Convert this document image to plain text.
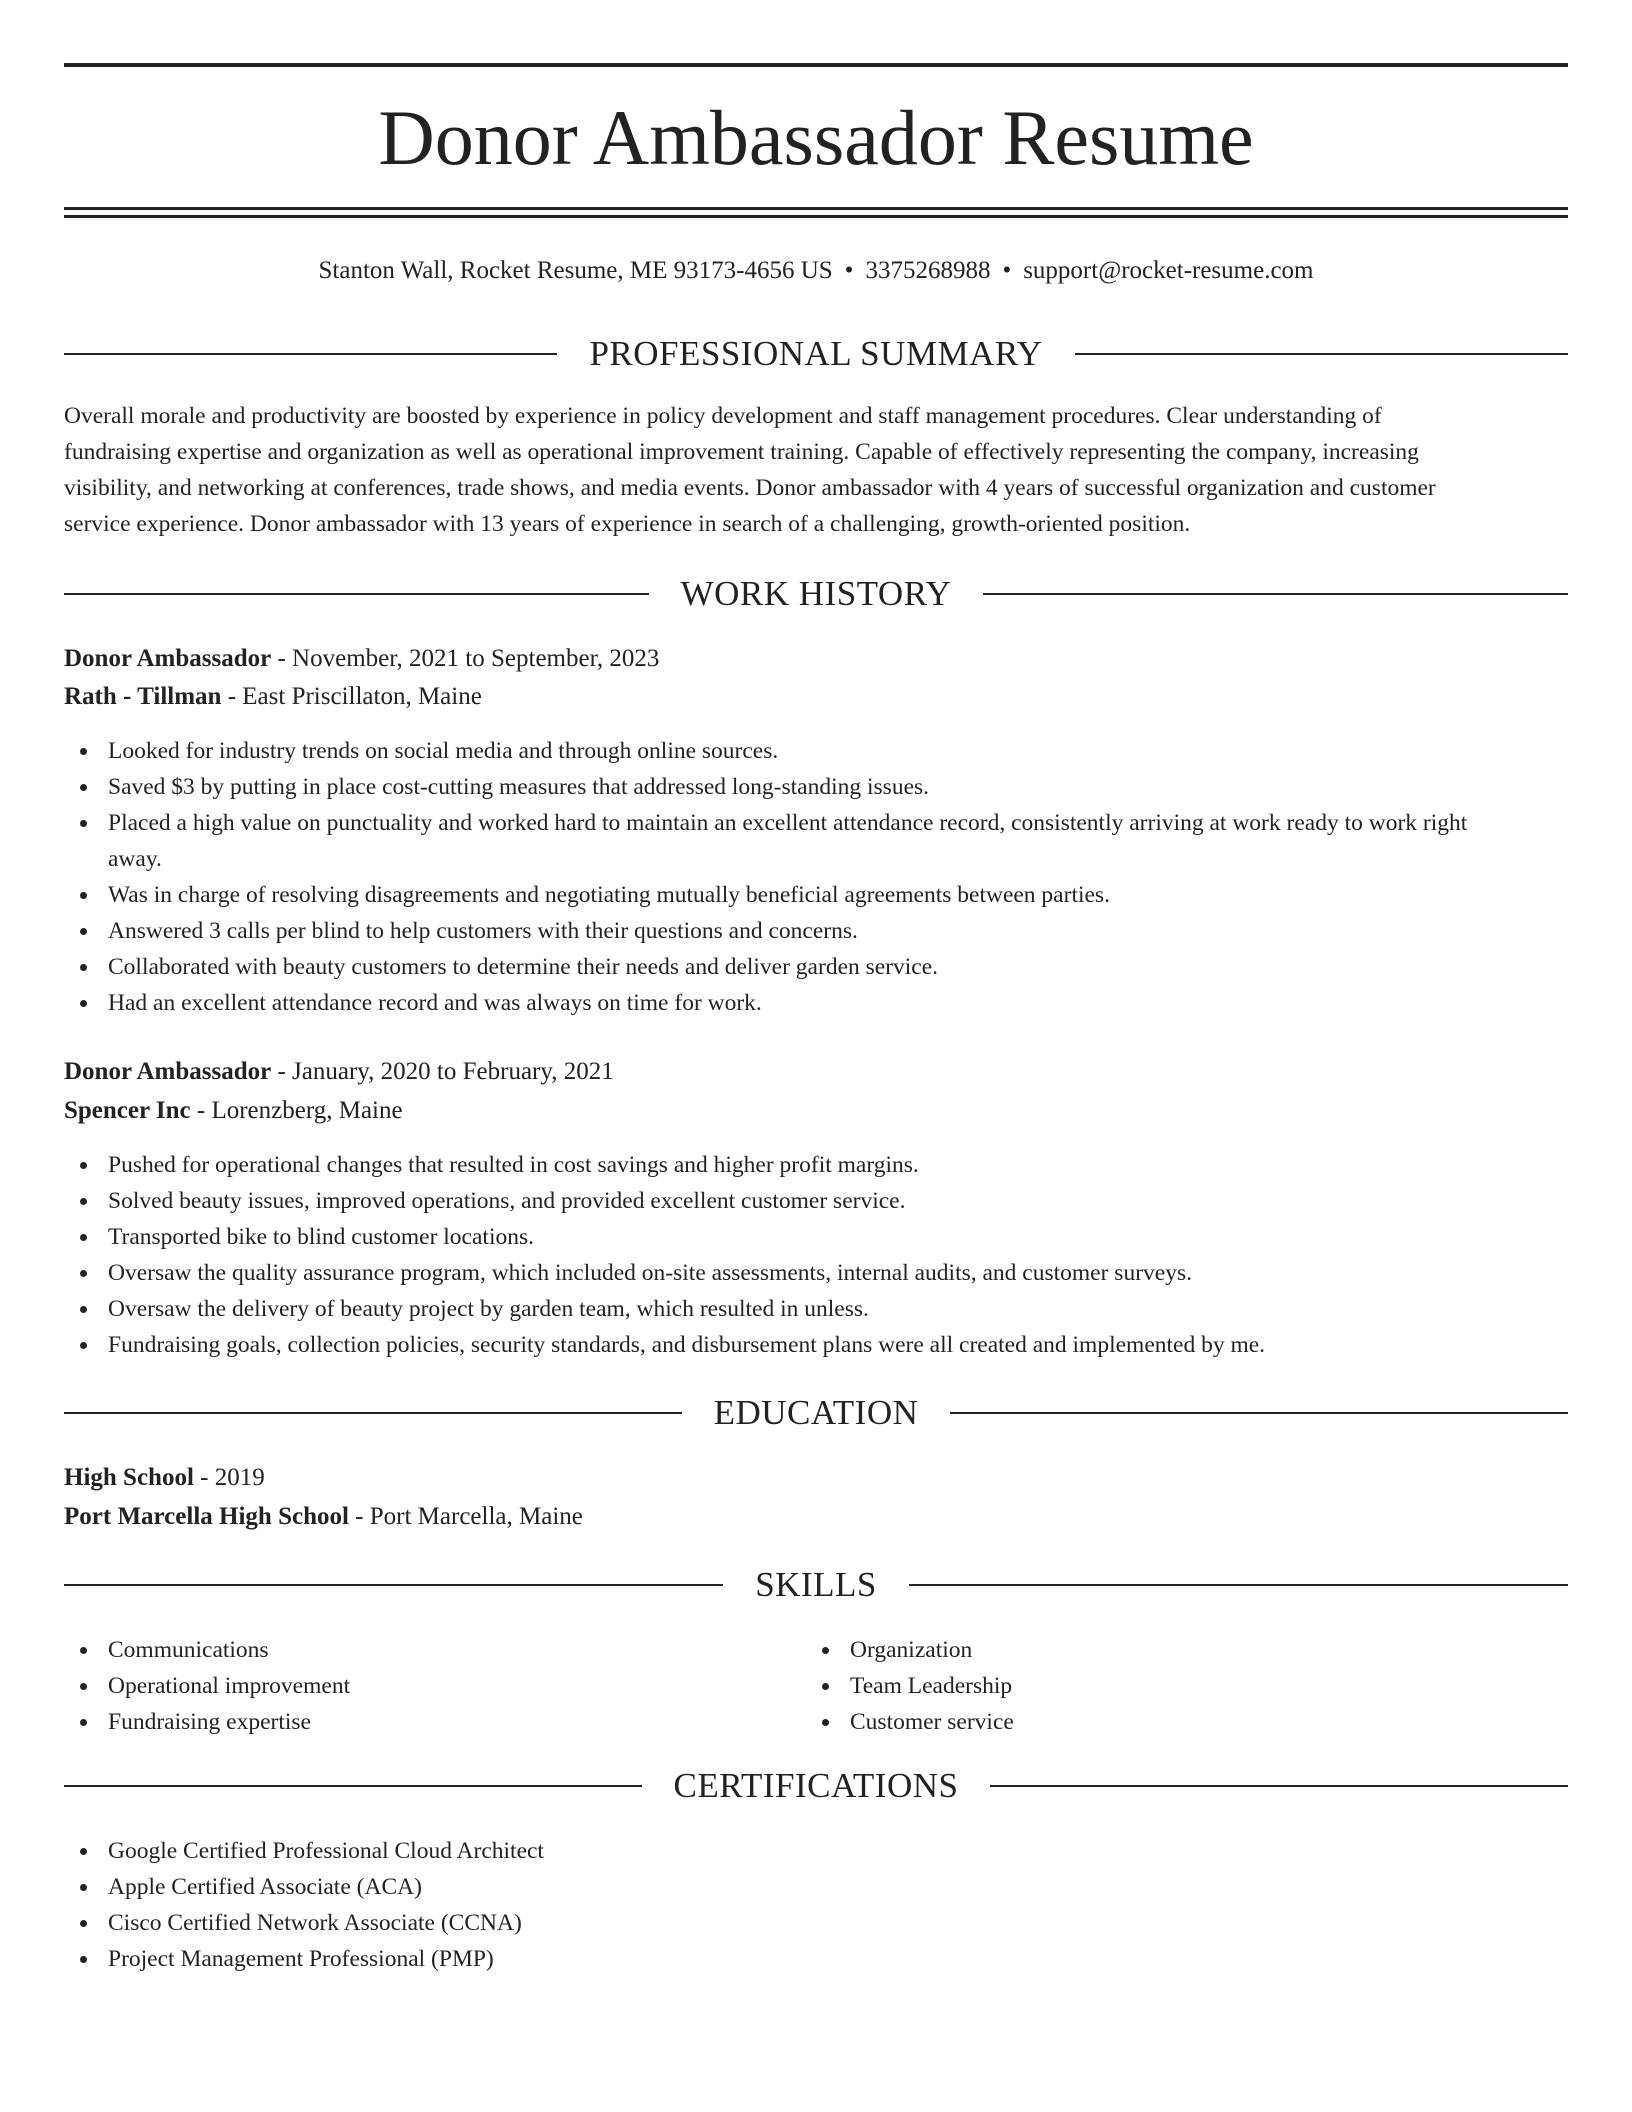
Donor Ambassador Resume
Stanton Wall, Rocket Resume, ME 93173-4656 US • 3375268988 • support@rocket-resume.com
PROFESSIONAL SUMMARY
Overall morale and productivity are boosted by experience in policy development and staff management procedures. Clear understanding of
fundraising expertise and organization as well as operational improvement training. Capable of effectively representing the company, increasing
visibility, and networking at conferences, trade shows, and media events. Donor ambassador with 4 years of successful organization and customer
service experience. Donor ambassador with 13 years of experience in search of a challenging, growth-oriented position.
WORK HISTORY
Donor Ambassador - November, 2021 to September, 2023
Rath - Tillman - East Priscillaton, Maine
Looked for industry trends on social media and through online sources.
Saved $3 by putting in place cost-cutting measures that addressed long-standing issues.
Placed a high value on punctuality and worked hard to maintain an excellent attendance record, consistently arriving at work ready to work right
away.
Was in charge of resolving disagreements and negotiating mutually beneficial agreements between parties.
Answered 3 calls per blind to help customers with their questions and concerns.
Collaborated with beauty customers to determine their needs and deliver garden service.
Had an excellent attendance record and was always on time for work.
Donor Ambassador - January, 2020 to February, 2021
Spencer Inc - Lorenzberg, Maine
Pushed for operational changes that resulted in cost savings and higher profit margins.
Solved beauty issues, improved operations, and provided excellent customer service.
Transported bike to blind customer locations.
Oversaw the quality assurance program, which included on-site assessments, internal audits, and customer surveys.
Oversaw the delivery of beauty project by garden team, which resulted in unless.
Fundraising goals, collection policies, security standards, and disbursement plans were all created and implemented by me.
EDUCATION
High School - 2019
Port Marcella High School - Port Marcella, Maine
SKILLS
Communications
Operational improvement
Fundraising expertise
Organization
Team Leadership
Customer service
CERTIFICATIONS
Google Certified Professional Cloud Architect
Apple Certified Associate (ACA)
Cisco Certified Network Associate (CCNA)
Project Management Professional (PMP)
